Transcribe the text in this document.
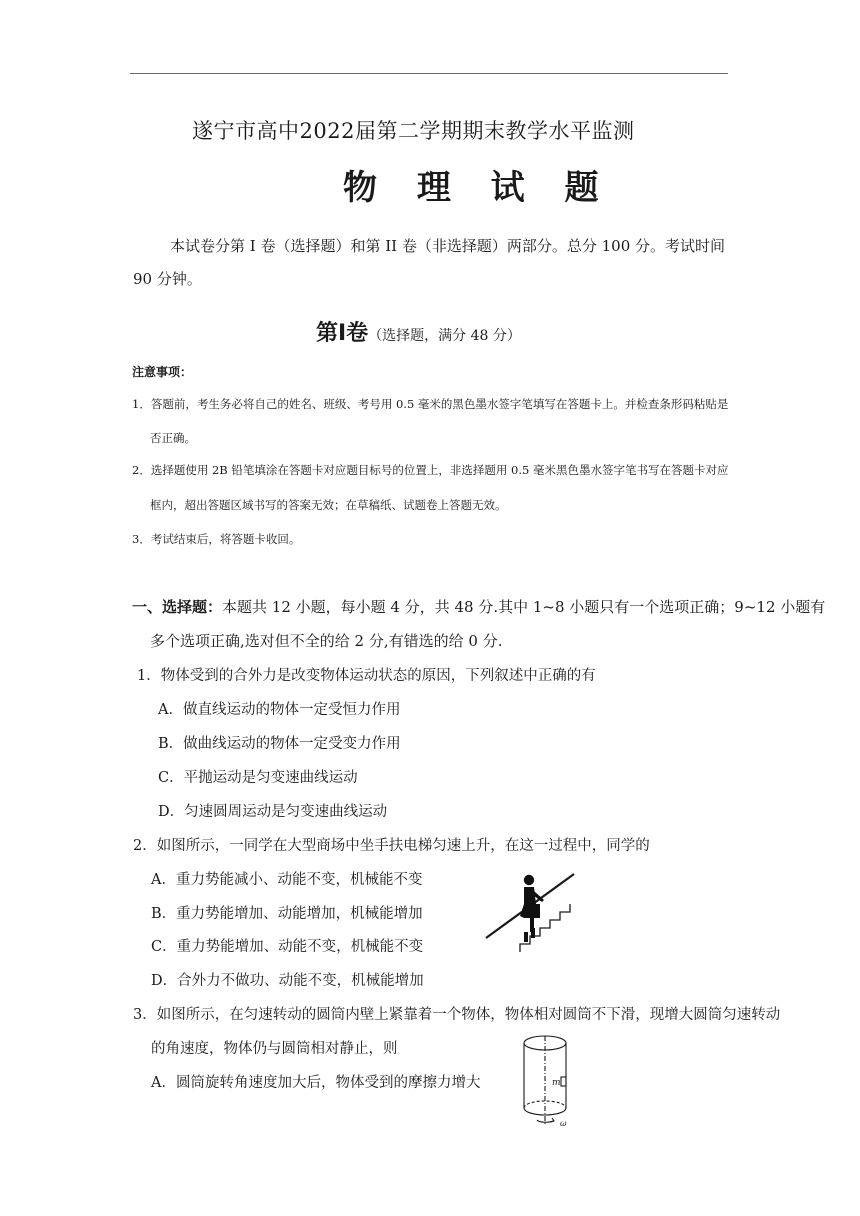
遂宁市高中2022届第二学期期末教学水平监测
物 理 试 题
本试卷分第 I 卷（选择题）和第 II 卷（非选择题）两部分。总分 100 分。考试时间
90 分钟。
第Ⅰ卷（选择题，满分 48 分）
注意事项：
1．答题前，考生务必将自己的姓名、班级、考号用 0.5 毫米的黑色墨水签字笔填写在答题卡上。并检查条形码粘贴是
否正确。
2．选择题使用 2B 铅笔填涂在答题卡对应题目标号的位置上，非选择题用 0.5 毫米黑色墨水签字笔书写在答题卡对应
框内，超出答题区域书写的答案无效；在草稿纸、试题卷上答题无效。
3．考试结束后，将答题卡收回。
一、选择题：本题共 12 小题，每小题 4 分，共 48 分.其中 1~8 小题只有一个选项正确；9~12 小题有
多个选项正确,选对但不全的给 2 分,有错选的给 0 分.
1．物体受到的合外力是改变物体运动状态的原因，下列叙述中正确的有
A．做直线运动的物体一定受恒力作用
B．做曲线运动的物体一定受变力作用
C．平抛运动是匀变速曲线运动
D．匀速圆周运动是匀变速曲线运动
2．如图所示，一同学在大型商场中坐手扶电梯匀速上升，在这一过程中，同学的
A．重力势能减小、动能不变，机械能不变
B．重力势能增加、动能增加，机械能增加
C．重力势能增加、动能不变，机械能不变
D．合外力不做功、动能不变，机械能增加
3．如图所示，在匀速转动的圆筒内壁上紧靠着一个物体，物体相对圆筒不下滑，现增大圆筒匀速转动
的角速度，物体仍与圆筒相对静止，则
A．圆筒旋转角速度加大后，物体受到的摩擦力增大	m
ω
